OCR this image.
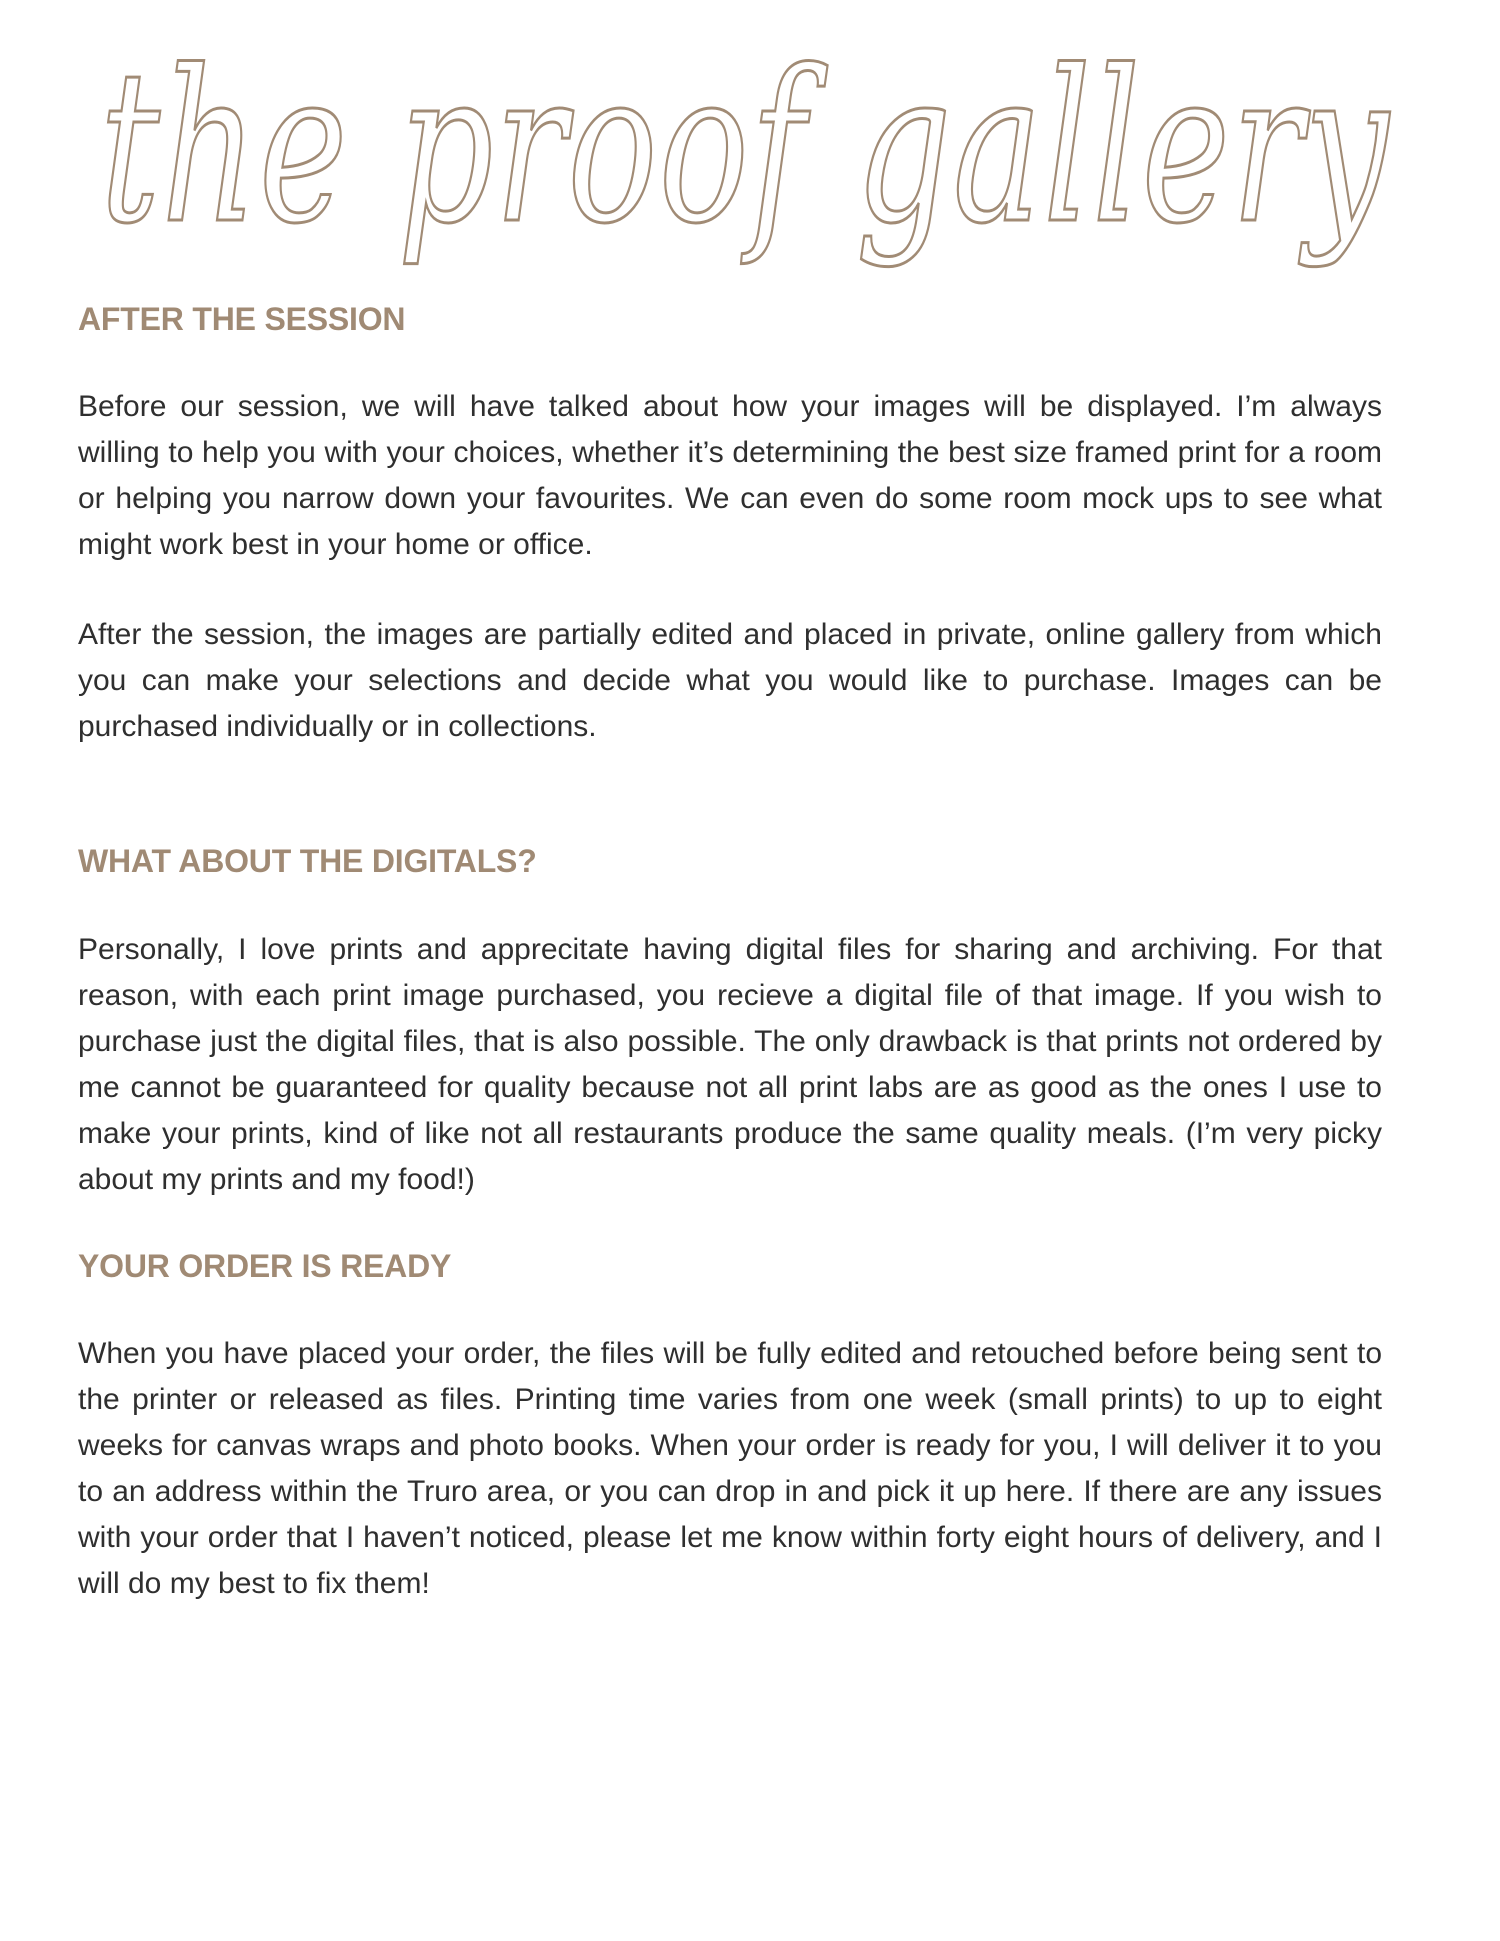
the proof gallery
AFTER THE SESSION

Before our session, we will have talked about how your images will be displayed. I’m always willing to help you with your choices, whether it’s determining the best size framed print for a room or helping you narrow down your favourites. We can even do some room mock ups to see what might work best in your home or office.

After the session, the images are partially edited and placed in private, online gallery from which you can make your selections and decide what you would like to purchase. Images can be purchased individually or in collections.

WHAT ABOUT THE DIGITALS?

Personally, I love prints and apprecitate having digital files for sharing and archiving. For that reason, with each print image purchased, you recieve a digital file of that image. If you wish to purchase just the digital files, that is also possible. The only drawback is that prints not ordered by me cannot be guaranteed for quality because not all print labs are as good as the ones I use to make your prints, kind of like not all restaurants produce the same quality meals. (I’m very picky about my prints and my food!)

YOUR ORDER IS READY

When you have placed your order, the files will be fully edited and retouched before being sent to the printer or released as files. Printing time varies from one week (small prints) to up to eight weeks for canvas wraps and photo books. When your order is ready for you, I will deliver it to you to an address within the Truro area, or you can drop in and pick it up here. If there are any issues with your order that I haven’t noticed, please let me know within forty eight hours of delivery, and I will do my best to fix them!
